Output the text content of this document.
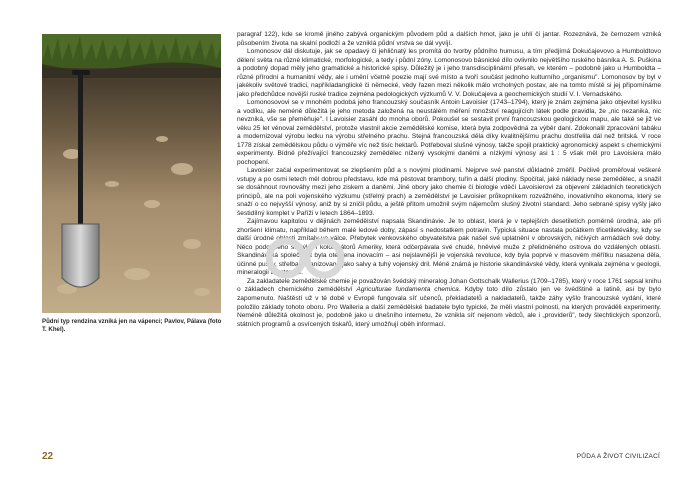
Půdní typ rendzina vzniká jen na vápenci; Pavlov, Pálava (foto T. Khel).

paragraf 122), kde se kromě jiného zabývá organickým původem půd a dalších hmot, jako je uhlí či jantar. Rozeznává, že černozem vzniká působením života na skalní podloží a že vzniklá půdní vrstva se dál vyvíjí.

Lomonosov dál diskutuje, jak se opadavý či jehličnatý les promítá do tvorby půdního humusu, a tím předjímá Dokučajevovo a Humboldtovo dělení světa na různé klimatické, morfologické, a tedy i půdní zóny. Lomonosovo básnické dílo ovlivnilo největšího ruského básníka A. S. Puškina a podobný dopad měly jeho gramatické a historické spisy. Důležitý je i jeho transdisciplinární přesah, ve kterém – podobně jako u Humboldta – různé přírodní a humanitní vědy, ale i umění včetně poezie mají své místo a tvoří součást jednoho kulturního „organismu". Lomonosov by byl v jakékoliv světové tradici, napříkladanglické či německé, vědy řazen mezi několik málo vrcholných postav, ale na tomto místě si jej připomínáme jako předchůdce novější ruské tradice zejména pedologických výzkumů V. V. Dokučajeva a geochemických studií V. I. Vernadského.

Lomonosovovi se v mnohém podobá jeho francouzský současník Antoin Lavoisier (1743–1794), který je znám zejména jako objevitel kyslíku a vodíku, ale neméně důležitá je jeho metoda založená na neustálém měření množství reagujících látek podle pravidla, že „nic nezaniká, nic nevzniká, vše se přeměňuje". I Lavoisier zasáhl do mnoha oborů. Pokoušel se sestavit první francouzskou geologickou mapu, ale také se již ve věku 25 let věnoval zemědělství, protože vlastnil akcie zemědělské komise, která byla zodpovědná za výběr daní. Zdokonalil zpracování tabáku a modernizoval výrobu ledku na výrobu střelného prachu. Stejná francouzská děla díky kvalitnějšímu prachu dostřelila dál než britská. V roce 1778 získal zemědělskou půdu o výměře víc než tisíc hektarů. Potřeboval slušné výnosy, takže spojil praktický agronomický aspekt s chemickými experimenty. Bídně přežívající francouzský zemědělec nížený vysokými daněmi a nízkými výnosy asi 1 : 5 však měl pro Lavoisiera málo pochopení.

Lavoisier začal experimentovat se zlepšením půd a s novými plodinami. Nejprve své panství důkladně změřil. Pečlivě proměřoval veškeré vstupy a po osmi letech měl dobrou představu, kde má pěstovat brambory, tuřín a další plodiny. Spočítal, jaké náklady nese zemědělec, a snažil se dosáhnout rovnováhy mezi jeho ziskem a daněmi. Jiné obory jako chemie či biologie vděčí Lavoisierovi za objevení základních teoretických principů, ale na poli vojenského výzkumu (střelný prach) a zemědělství je Lavoisier průkopníkem rozvážného, inovativního ekonoma, který se snaží o co nejvyšší výnosy, aniž by si zničil půdu, a ještě přitom umožnil svým nájemcům slušný životní standard. Jeho sebrané spisy vyšly jako šestidílný komplet v Paříži v letech 1864–1893.

Zajímavou kapitolou v dějinách zemědělství napsala Skandinávie. Je to oblast, která je v teplejších desetiletích poměrně úrodná, ale při zhoršení klimatu, například během malé ledové doby, zápasí s nedostatkem potravin. Typická situace nastala počátkem třicetiletéválky, kdy se další úrodné oblasti zmítaly ve válce. Přebytek venkovského obyvatelstva pak našel své uplatnění v obrovských, ničivých armádách své doby. Něco podobného se týká i kolonizátorů Ameriky, která odčerpávala své chudé, hněvivé muže z přelidněného ostrova do vzdálených oblastí. Skandinávská společnost byla otevřena inovacím – asi nejslavnější je vojenská revoluce, kdy byla poprvé v masovém měřítku nasazena děla, účinné pušky, střelba organizovaná jako salvy a tuhý vojenský dril. Méně známá je historie skandinávské vědy, která vynikala zejména v geologii, mineralogii a botanice.

Za zakladatele zemědělské chemie je považován švédský mineralog Johan Gottschalk Wallerius (1709–1785), který v roce 1761 sepsal knihu o základech chemického zemědělství Agriculturae fundamenta chemica. Kdyby toto dílo zůstalo jen ve švédštině a latině, asi by bylo zapomenuto. Naštěstí už v té době v Evropě fungovala síť učenců, překladatelů a nakladatelů, takže záhy vyšlo francouzské vydání, které položilo základy tohoto oboru. Pro Walleria a další zemědělské badatele bylo typické, že měli vlastní polnosti, na kterých prováděli experimenty. Neméně důležitá okolnost je, podobně jako u dnešního internetu, že vznikla síť nejenom vědců, ale i „providerů", tedy šlechtických sponzorů, státních programů a osvícených tiskařů, který umožňují oběh informací.

22	PŮDA A ŽIVOT CIVILIZACÍ
